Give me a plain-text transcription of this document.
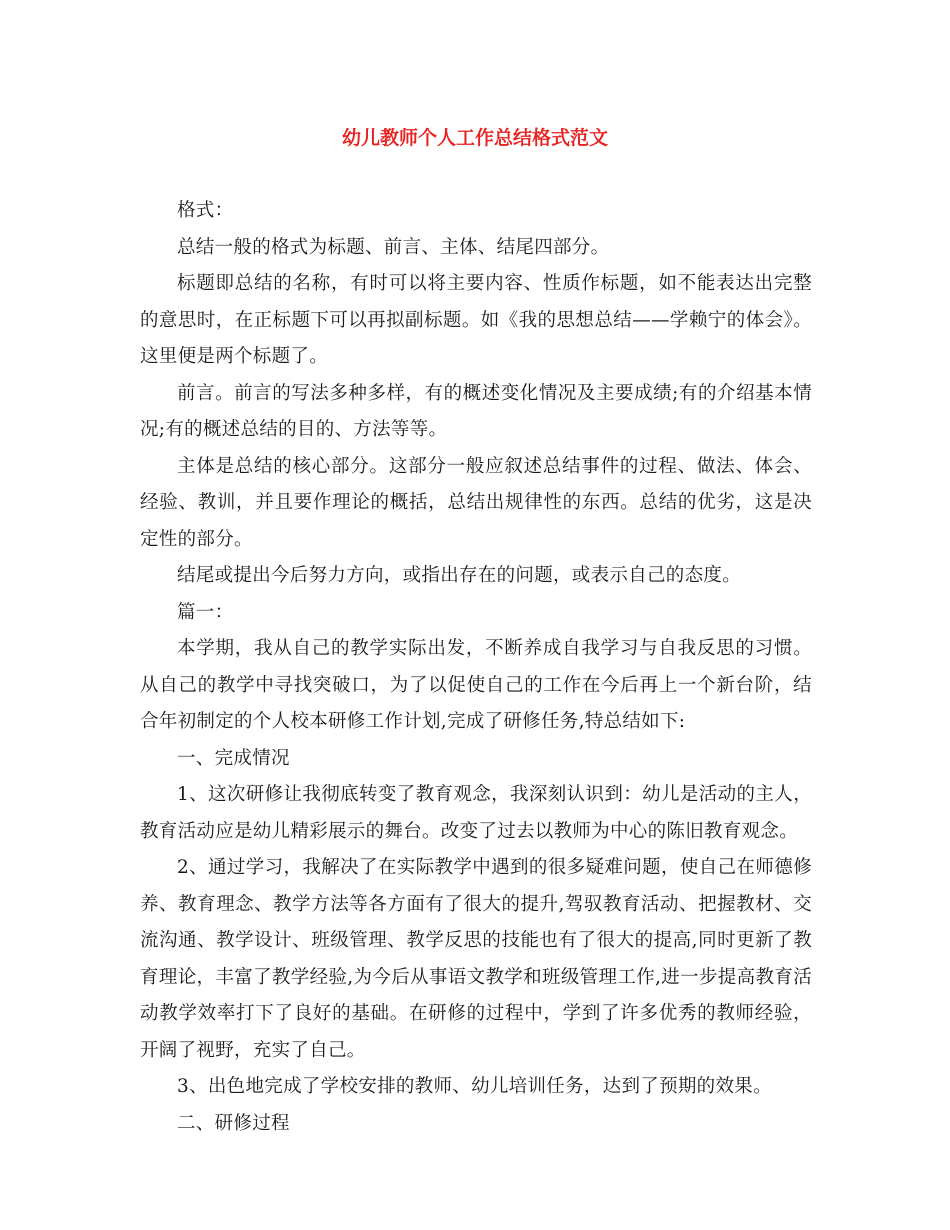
幼儿教师个人工作总结格式范文

格式：

总结一般的格式为标题、前言、主体、结尾四部分。

标题即总结的名称，有时可以将主要内容、性质作标题，如不能表达出完整的意思时，在正标题下可以再拟副标题。如《我的思想总结——学赖宁的体会》。这里便是两个标题了。

前言。前言的写法多种多样，有的概述变化情况及主要成绩;有的介绍基本情况;有的概述总结的目的、方法等等。

主体是总结的核心部分。这部分一般应叙述总结事件的过程、做法、体会、经验、教训，并且要作理论的概括，总结出规律性的东西。总结的优劣，这是决定性的部分。

结尾或提出今后努力方向，或指出存在的问题，或表示自己的态度。

篇一：

本学期，我从自己的教学实际出发，不断养成自我学习与自我反思的习惯。从自己的教学中寻找突破口，为了以促使自己的工作在今后再上一个新台阶，结合年初制定的个人校本研修工作计划,完成了研修任务,特总结如下:

一、完成情况

1、这次研修让我彻底转变了教育观念，我深刻认识到：幼儿是活动的主人，教育活动应是幼儿精彩展示的舞台。改变了过去以教师为中心的陈旧教育观念。

2、通过学习，我解决了在实际教学中遇到的很多疑难问题，使自己在师德修养、教育理念、教学方法等各方面有了很大的提升,驾驭教育活动、把握教材、交流沟通、教学设计、班级管理、教学反思的技能也有了很大的提高,同时更新了教育理论，丰富了教学经验,为今后从事语文教学和班级管理工作,进一步提高教育活动教学效率打下了良好的基础。在研修的过程中，学到了许多优秀的教师经验，开阔了视野，充实了自己。

3、出色地完成了学校安排的教师、幼儿培训任务，达到了预期的效果。

二、研修过程
